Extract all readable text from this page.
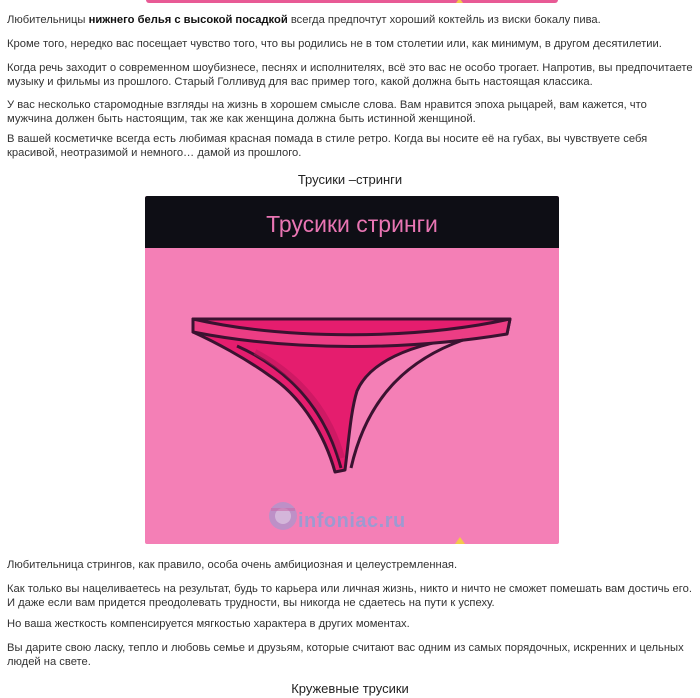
Любительницы нижнего белья с высокой посадкой всегда предпочтут хороший коктейль из виски бокалу пива.

Кроме того, нередко вас посещает чувство того, что вы родились не в том столетии или, как минимум, в другом десятилетии.

Когда речь заходит о современном шоубизнесе, песнях и исполнителях, всё это вас не особо трогает. Напротив, вы предпочитаете музыку и фильмы из прошлого. Старый Голливуд для вас пример того, какой должна быть настоящая классика.

У вас несколько старомодные взгляды на жизнь в хорошем смысле слова. Вам нравится эпоха рыцарей, вам кажется, что мужчина должен быть настоящим, так же как женщина должна быть истинной женщиной.

В вашей косметичке всегда есть любимая красная помада в стиле ретро. Когда вы носите её на губах, вы чувствуете себя красивой, неотразимой и немного… дамой из прошлого.

Трусики –стринги
Трусики стринги
infoniac.ru

Любительница стрингов, как правило, особа очень амбициозная и целеустремленная.

Как только вы нацеливаетесь на результат, будь то карьера или личная жизнь, никто и ничто не сможет помешать вам достичь его. И даже если вам придется преодолевать трудности, вы никогда не сдаетесь на пути к успеху.

Но ваша жесткость компенсируется мягкостью характера в других моментах.

Вы дарите свою ласку, тепло и любовь семье и друзьям, которые считают вас одним из самых порядочных, искренних и цельных людей на свете.

Кружевные трусики
